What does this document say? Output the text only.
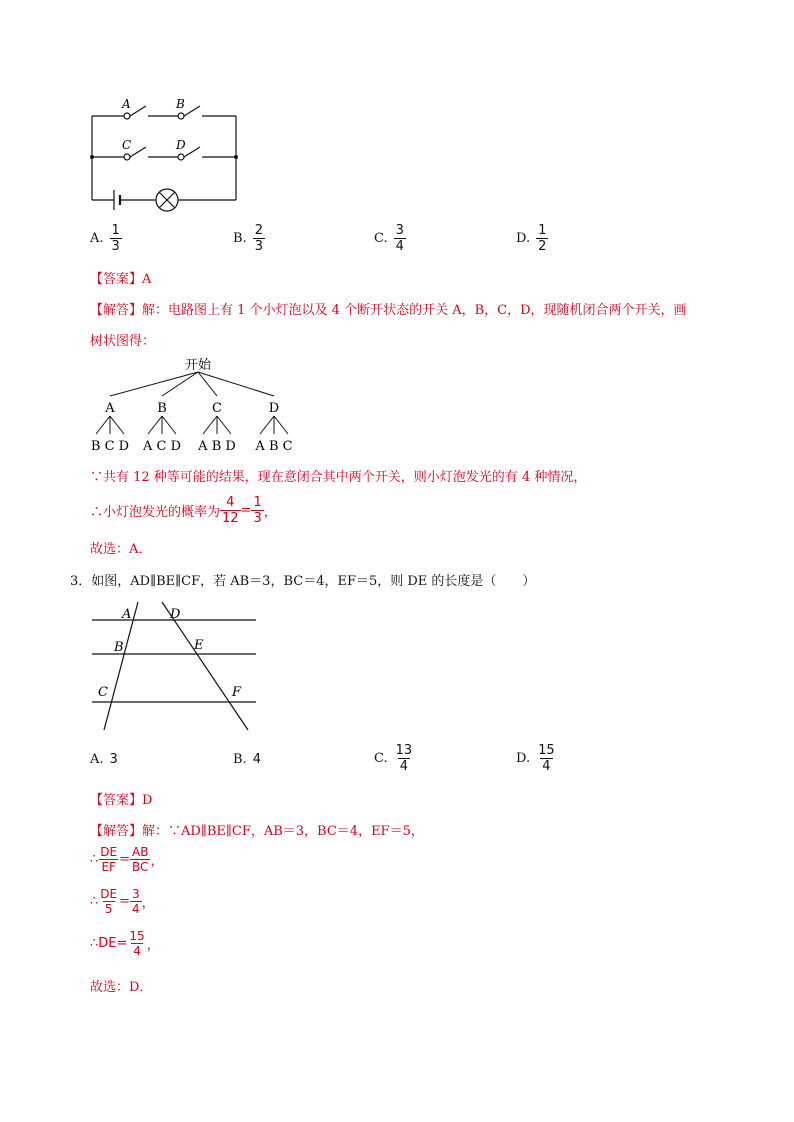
A	B
C	D
A. $\frac{1}{3}$	B. $\frac{2}{3}$	C. $\frac{3}{4}$	D. $\frac{1}{2}$
【答案】A
【解答】解：电路图上有 1 个小灯泡以及 4 个断开状态的开关 A，B，C，D，现随机闭合两个开关，画
树状图得：
开始
A	B	C	D
B C D A C D A B D A B C
∵共有 12 种等可能的结果，现在意闭合其中两个开关，则小灯泡发光的有 4 种情况，
∴小灯泡发光的概率为 $\frac{4}{12} = \frac{1}{3}$ ，
故选：A．
3．如图，AD∥BE∥CF，若 AB＝3，BC＝4，EF＝5，则 DE 的长度是（　　）
A	D
B	E
C	F
A. 3	B. 4	C. $\frac{13}{4}$	D. $\frac{15}{4}$
【答案】D
【解答】解：∵AD∥BE∥CF，AB＝3，BC＝4，EF＝5，
∴ $\frac{DE}{EF} = \frac{AB}{BC}$ ，
∴ $\frac{DE}{5} = \frac{3}{4}$ ，
∴ $DE= \frac{15}{4}$ ，
故选：D．
